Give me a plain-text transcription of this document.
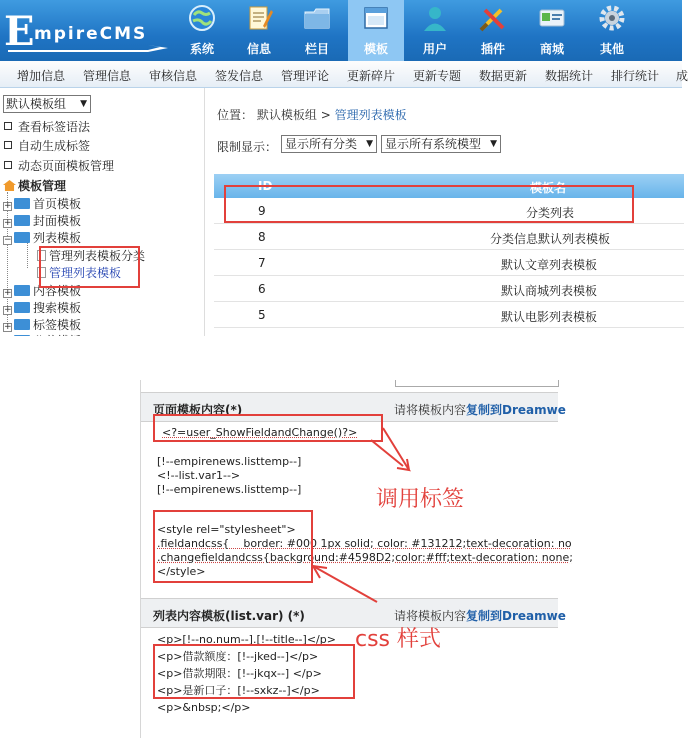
E mpireCMS
系统	信息	栏目	模板	用户	插件	商城	其他
增加信息 管理信息 审核信息 签发信息 管理评论 更新碎片 更新专题 数据更新 数据统计 排行统计 成
默认模板组 ▼
查看标签语法
自动生成标签
动态页面模板管理
模板管理
+ 首页模板
+ 封面模板
− 列表模板
管理列表模板分类
管理列表模板
+ 内容模板
+ 搜索模板
+ 标签模板
位置： 默认模板组 > 管理列表模板
限制显示： 显示所有分类 ▼	显示所有系统模型 ▼
ID	模板名
9	分类列表
8	分类信息默认列表模板
7	默认文章列表模板
6	默认商城列表模板
5	默认电影列表模板
页面模板内容(*)	请将模板内容复制到Dreamwe
<?=user_ShowFieldandChange()?>
[!--empirenews.listtemp--]
<!--list.var1-->
[!--empirenews.listtemp--]
<style rel="stylesheet">
.fieldandcss{    border: #000 1px solid; color: #131212;text-decoration: no
.changefieldandcss{background:#4598D2;color:#fff;text-decoration: none;
</style>
列表内容模板(list.var) (*)	请将模板内容复制到Dreamwe
<p>[!--no.num--].[!--title--]</p>
<p>借款额度：[!--jked--]</p>
<p>借款期限：[!--jkqx--] </p>
<p>是新口子：[!--sxkz--]</p>
<p>&nbsp;</p>
调用标签
css 样式
